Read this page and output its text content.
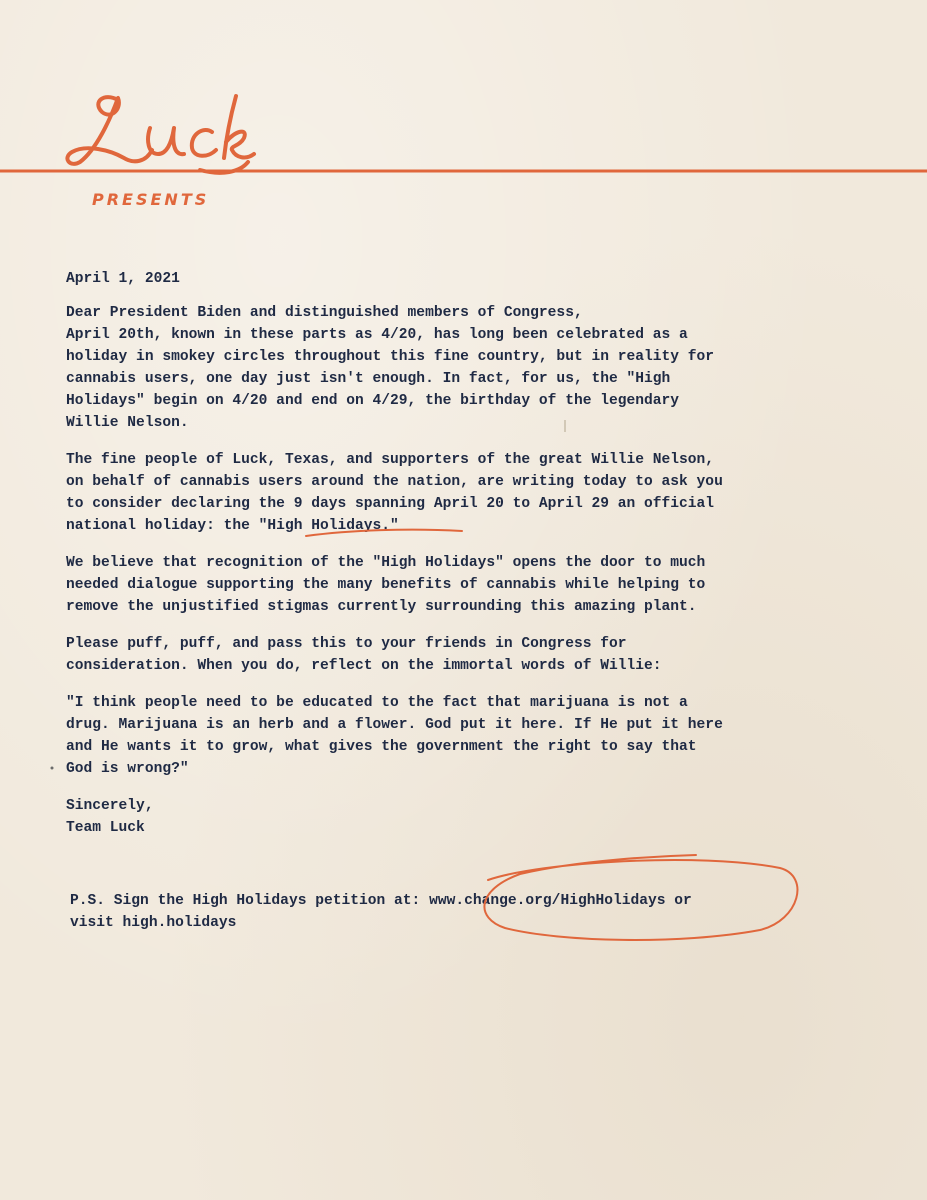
PRESENTS

April 1, 2021

Dear President Biden and distinguished members of Congress,

April 20th, known in these parts as 4/20, has long been celebrated as a
holiday in smokey circles throughout this fine country, but in reality for
cannabis users, one day just isn't enough. In fact, for us, the "High
Holidays" begin on 4/20 and end on 4/29, the birthday of the legendary
Willie Nelson.

The fine people of Luck, Texas, and supporters of the great Willie Nelson,
on behalf of cannabis users around the nation, are writing today to ask you
to consider declaring the 9 days spanning April 20 to April 29 an official
national holiday: the "High Holidays."

We believe that recognition of the "High Holidays" opens the door to much
needed dialogue supporting the many benefits of cannabis while helping to
remove the unjustified stigmas currently surrounding this amazing plant.

Please puff, puff, and pass this to your friends in Congress for
consideration. When you do, reflect on the immortal words of Willie:

"I think people need to be educated to the fact that marijuana is not a
drug. Marijuana is an herb and a flower. God put it here. If He put it here
and He wants it to grow, what gives the government the right to say that
God is wrong?"

Sincerely,
Team Luck

P.S. Sign the High Holidays petition at: www.change.org/HighHolidays or
visit high.holidays
